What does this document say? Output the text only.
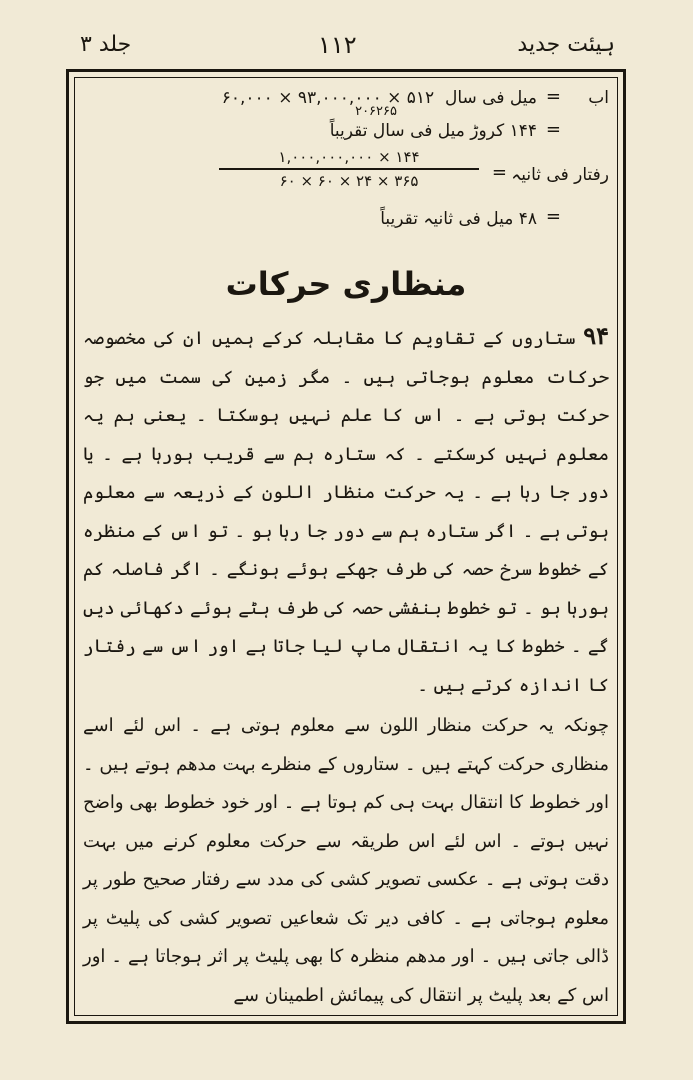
جلد ۳	۱۱۲	ہیئت جدید
اب
=
میل فی سال  ۵۱۲ × ۹۳,۰۰۰,۰۰۰ × ۶۰,۰۰۰
۲۰۶۲۶۵
=
۱۴۴ کروڑ میل فی سال تقریباً
رفتار فی ثانیہ
=
۱۴۴ × ۱,۰۰۰,۰۰۰,۰۰۰
۳۶۵ × ۲۴ × ۶۰ × ۶۰
=
۴۸ میل فی ثانیہ تقریباً
منظاری حرکات

۹۴ ستاروں کے تقاویم کا مقابلہ کرکے ہمیں ان کی مخصوصہ حرکات معلوم ہوجاتی ہیں ۔ مگر زمین کی سمت میں جو حرکت ہوتی ہے ۔ اس کا علم نہیں ہوسکتا ۔ یعنی ہم یہ معلوم نہیں کرسکتے ۔ کہ ستارہ ہم سے قریب ہورہا ہے ۔ یا دور جا رہا ہے ۔ یہ حرکت منظار اللون کے ذریعہ سے معلوم ہوتی ہے ۔ اگر ستارہ ہم سے دور جا رہا ہو ۔ تو اس کے منظرہ کے خطوط سرخ حصہ کی طرف جھکے ہوئے ہونگے ۔ اگر فاصلہ کم ہورہا ہو ۔ تو خطوط بنفشی حصہ کی طرف ہٹے ہوئے دکھائی دیں گے ۔ خطوط کا یہ انتقال ماپ لیا جاتا ہے اور اس سے رفتار کا اندازہ کرتے ہیں ۔

چونکہ یہ حرکت منظار اللون سے معلوم ہوتی ہے ۔ اس لئے اسے منظاری حرکت کہتے ہیں ۔ ستاروں کے منظرے بہت مدھم ہوتے ہیں ۔ اور خطوط کا انتقال بہت ہی کم ہوتا ہے ۔ اور خود خطوط بھی واضح نہیں ہوتے ۔ اس لئے اس طریقہ سے حرکت معلوم کرنے میں بہت دقت ہوتی ہے ۔ عکسی تصویر کشی کی مدد سے رفتار صحیح طور پر معلوم ہوجاتی ہے ۔ کافی دیر تک شعاعیں تصویر کشی کی پلیٹ پر ڈالی جاتی ہیں ۔ اور مدھم منظرہ کا بھی پلیٹ پر اثر ہوجاتا ہے ۔ اور اس کے بعد پلیٹ پر انتقال کی پیمائش اطمینان سے
